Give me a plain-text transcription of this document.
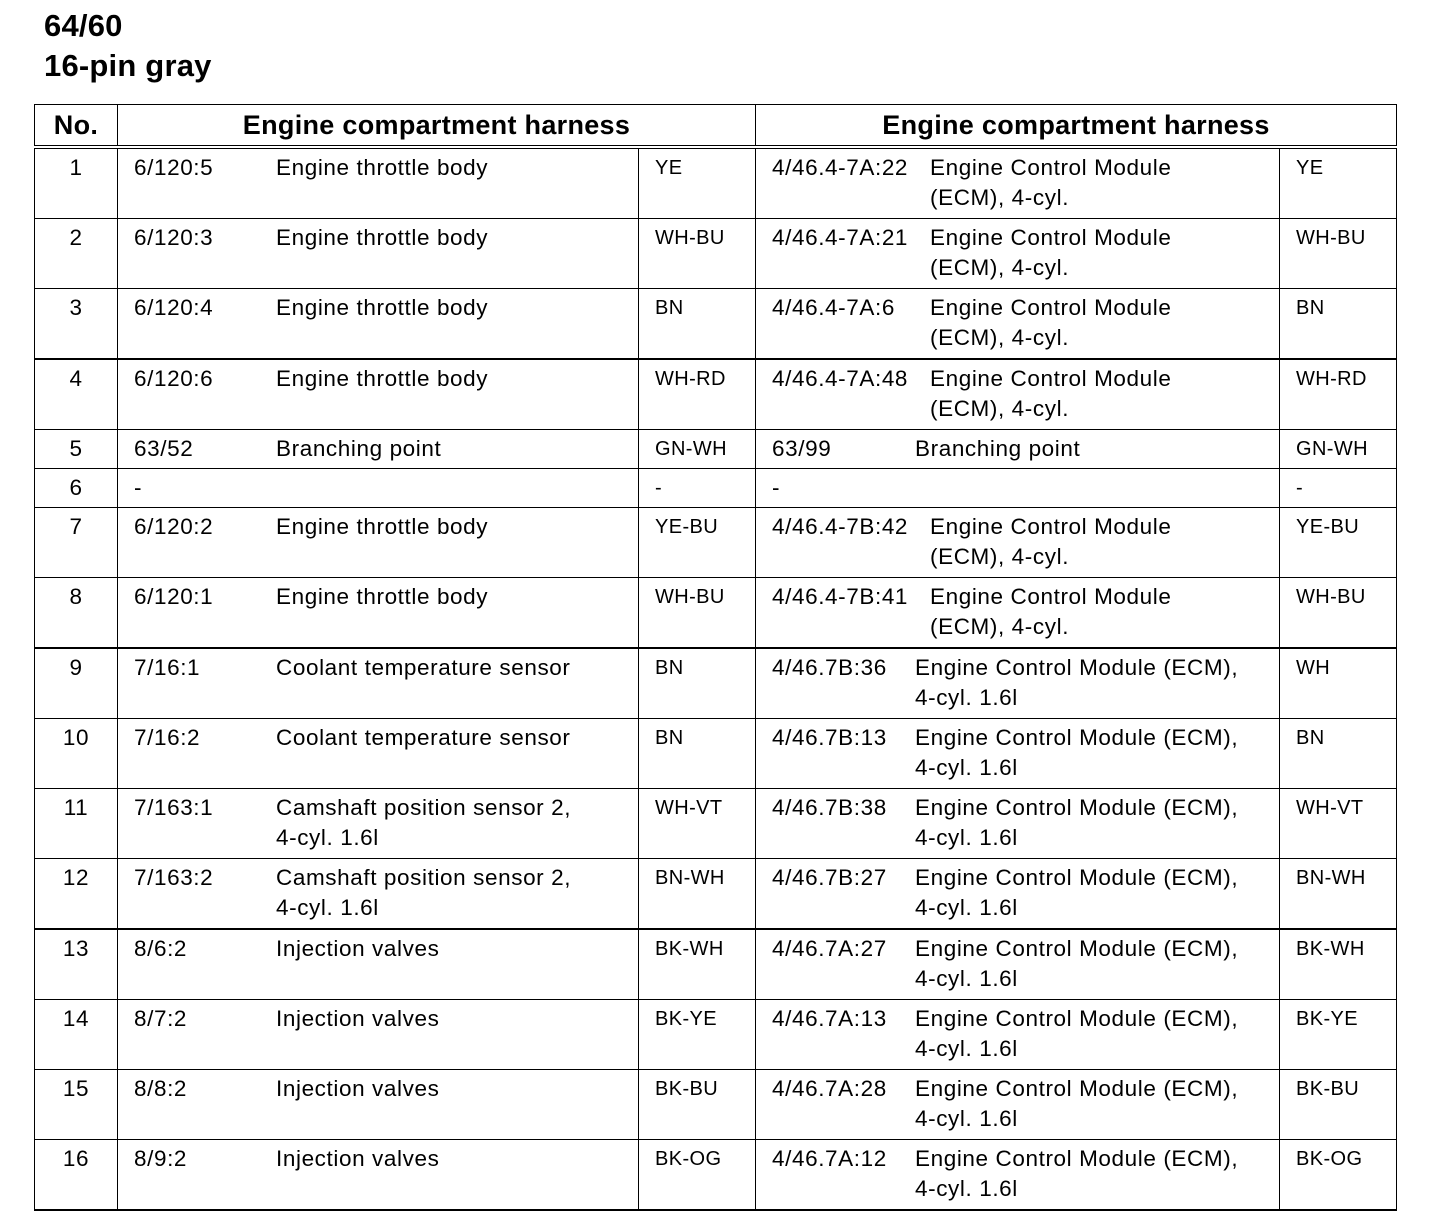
64/60
16-pin gray
No.	Engine compartment harness		Engine compartment harness	
1	6/120:5 Engine throttle body	YE	4/46.4-7A:22 Engine Control Module
(ECM), 4-cyl.	YE
2	6/120:3 Engine throttle body	WH-BU	4/46.4-7A:21 Engine Control Module
(ECM), 4-cyl.	WH-BU
3	6/120:4 Engine throttle body	BN	4/46.4-7A:6 Engine Control Module
(ECM), 4-cyl.	BN
4	6/120:6 Engine throttle body	WH-RD	4/46.4-7A:48 Engine Control Module
(ECM), 4-cyl.	WH-RD
5	63/52 Branching point	GN-WH	63/99 Branching point	GN-WH
6	-	-	-	-
7	6/120:2 Engine throttle body	YE-BU	4/46.4-7B:42 Engine Control Module
(ECM), 4-cyl.	YE-BU
8	6/120:1 Engine throttle body	WH-BU	4/46.4-7B:41 Engine Control Module
(ECM), 4-cyl.	WH-BU
9	7/16:1 Coolant temperature sensor	BN	4/46.7B:36 Engine Control Module (ECM),
4-cyl. 1.6l	WH
10	7/16:2 Coolant temperature sensor	BN	4/46.7B:13 Engine Control Module (ECM),
4-cyl. 1.6l	BN
11	7/163:1 Camshaft position sensor 2,
4-cyl. 1.6l	WH-VT	4/46.7B:38 Engine Control Module (ECM),
4-cyl. 1.6l	WH-VT
12	7/163:2 Camshaft position sensor 2,
4-cyl. 1.6l	BN-WH	4/46.7B:27 Engine Control Module (ECM),
4-cyl. 1.6l	BN-WH
13	8/6:2 Injection valves	BK-WH	4/46.7A:27 Engine Control Module (ECM),
4-cyl. 1.6l	BK-WH
14	8/7:2 Injection valves	BK-YE	4/46.7A:13 Engine Control Module (ECM),
4-cyl. 1.6l	BK-YE
15	8/8:2 Injection valves	BK-BU	4/46.7A:28 Engine Control Module (ECM),
4-cyl. 1.6l	BK-BU
16	8/9:2 Injection valves	BK-OG	4/46.7A:12 Engine Control Module (ECM),
4-cyl. 1.6l	BK-OG
